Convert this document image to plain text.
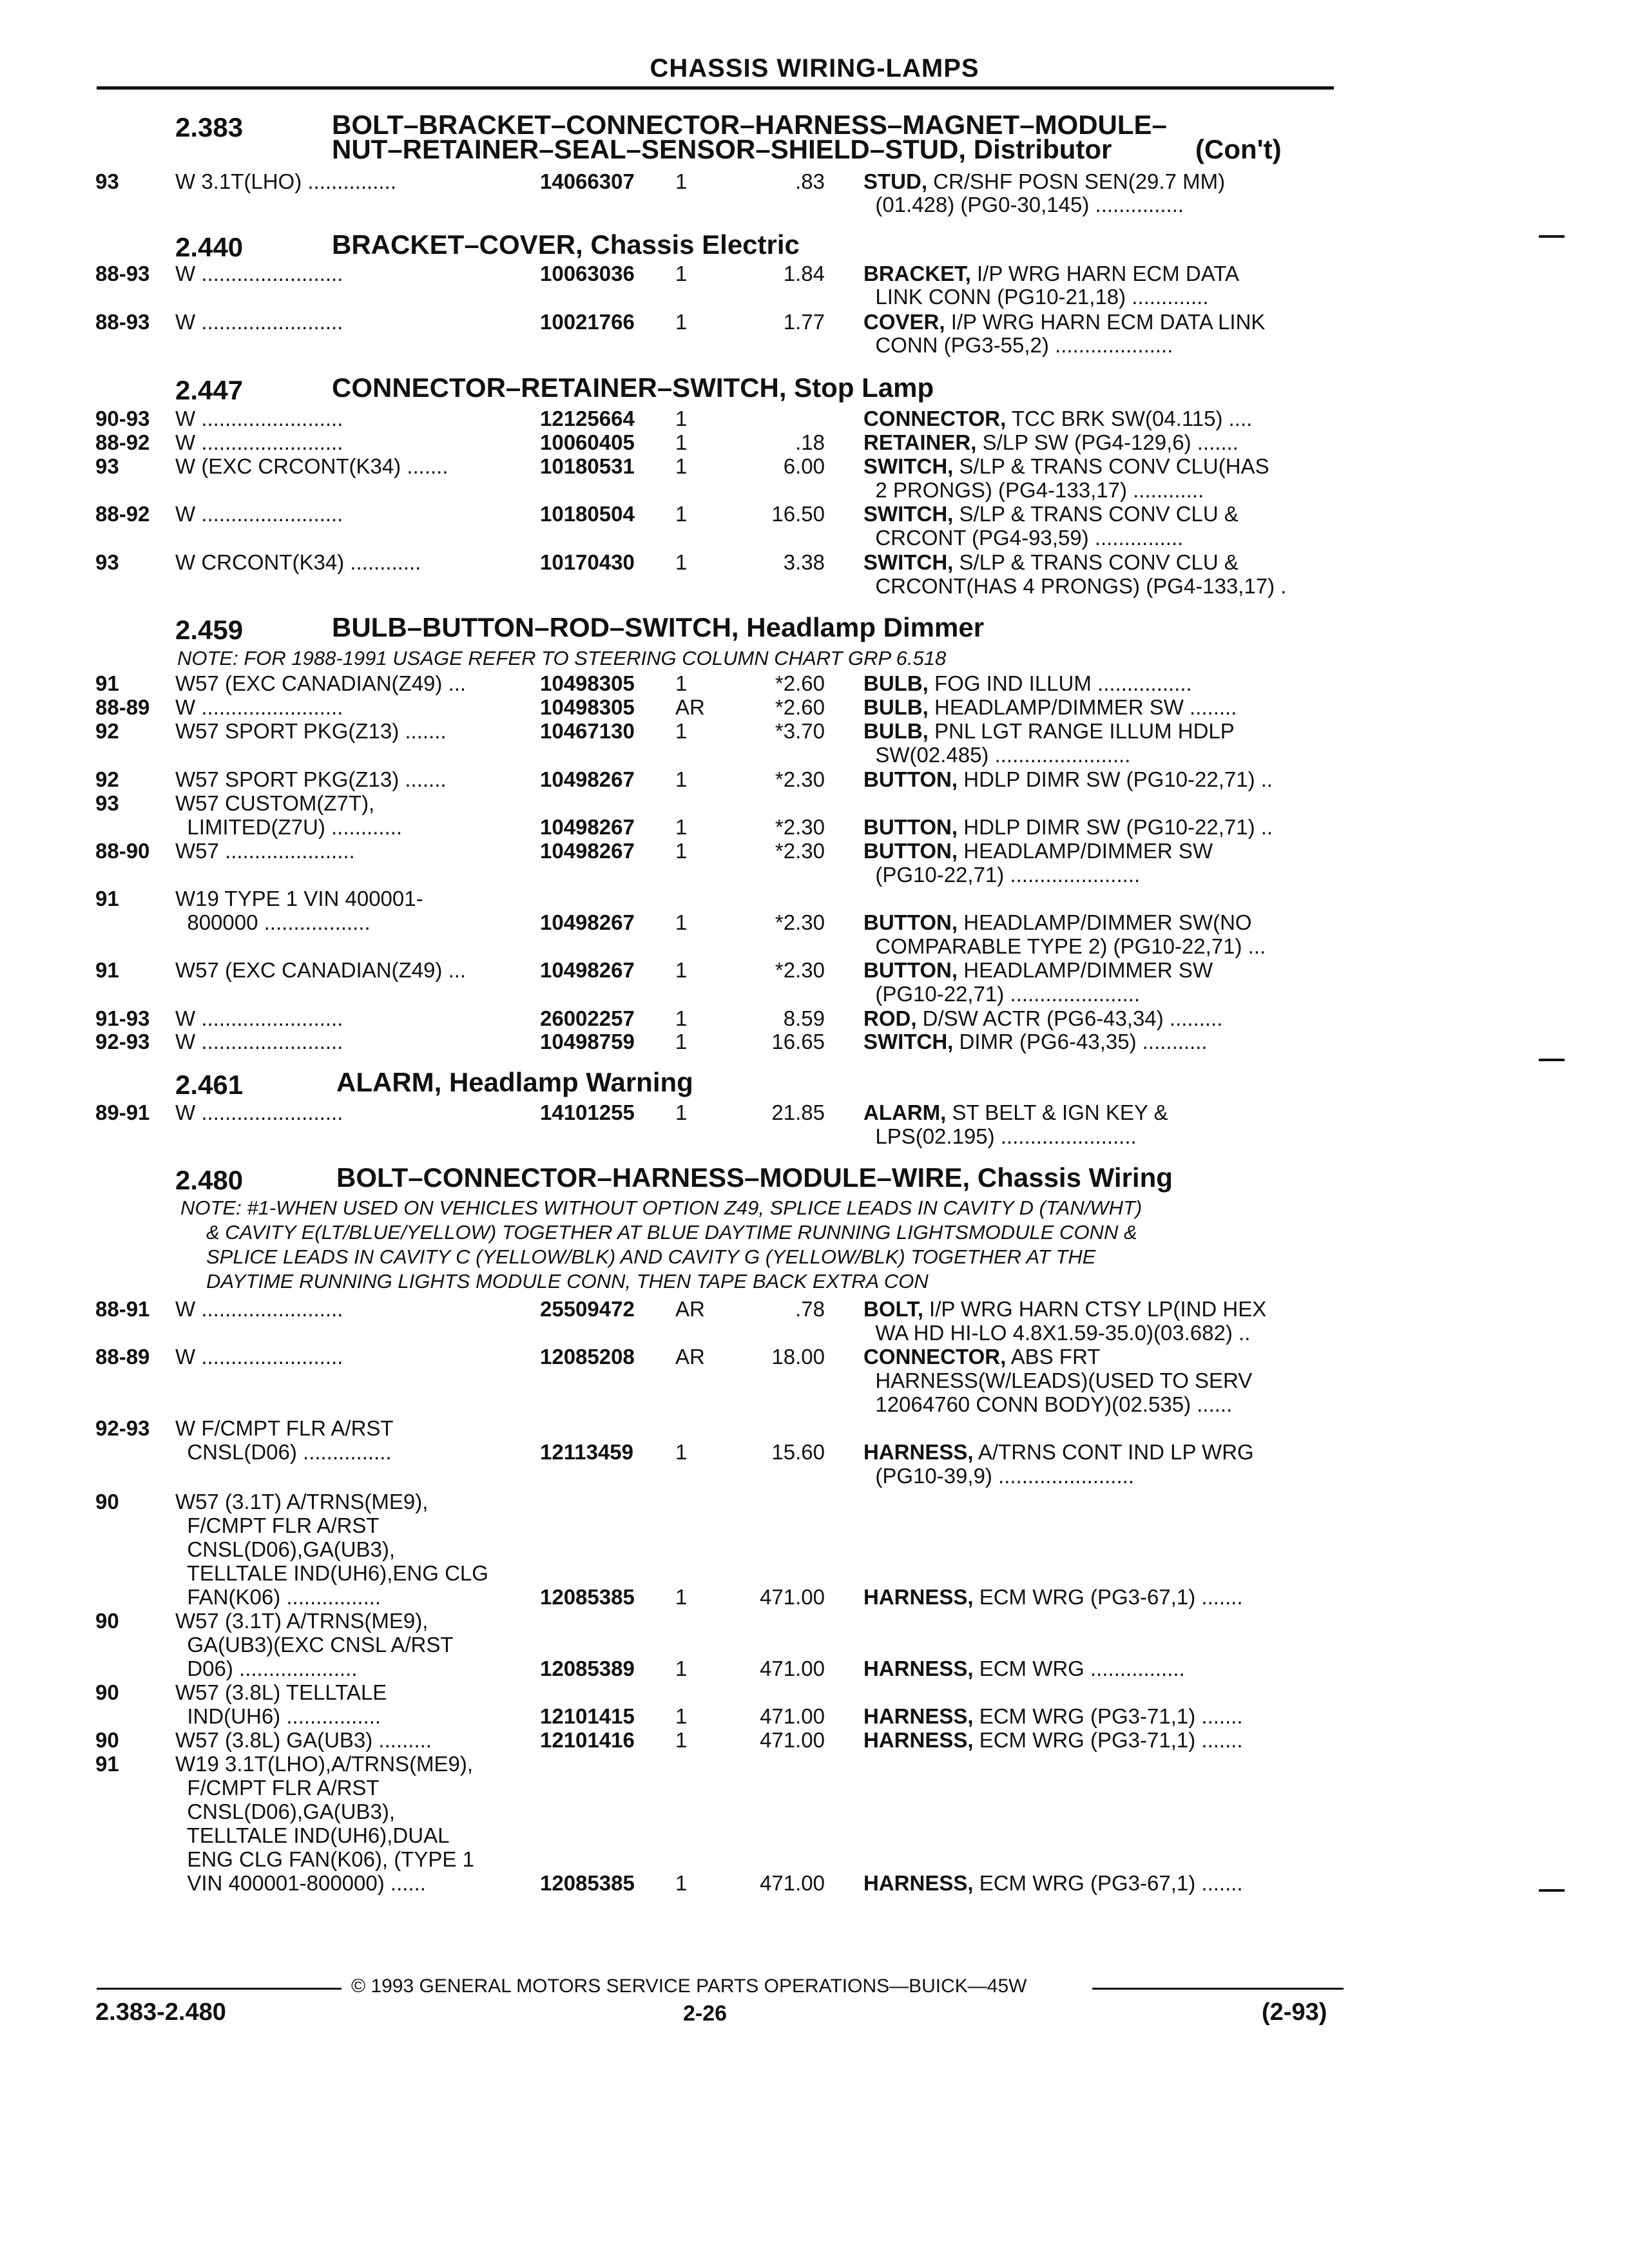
CHASSIS WIRING-LAMPS
2.383	BOLT–BRACKET–CONNECTOR–HARNESS–MAGNET–MODULE–
NUT–RETAINER–SEAL–SENSOR–SHIELD–STUD, Distributor	(Con't)
2.440	BRACKET–COVER, Chassis Electric
2.447	CONNECTOR–RETAINER–SWITCH, Stop Lamp
2.459	BULB–BUTTON–ROD–SWITCH, Headlamp Dimmer
NOTE: FOR 1988-1991 USAGE REFER TO STEERING COLUMN CHART GRP 6.518
2.461	ALARM, Headlamp Warning
2.480	BOLT–CONNECTOR–HARNESS–MODULE–WIRE, Chassis Wiring
NOTE: #1-WHEN USED ON VEHICLES WITHOUT OPTION Z49, SPLICE LEADS IN CAVITY D (TAN/WHT)
& CAVITY E(LT/BLUE/YELLOW) TOGETHER AT BLUE DAYTIME RUNNING LIGHTSMODULE CONN &
SPLICE LEADS IN CAVITY C (YELLOW/BLK) AND CAVITY G (YELLOW/BLK) TOGETHER AT THE
DAYTIME RUNNING LIGHTS MODULE CONN, THEN TAPE BACK EXTRA CON
93	W 3.1T(LHO) ...............	14066307 1	.83 STUD, CR/SHF POSN SEN(29.7 MM)
(01.428) (PG0-30,145) ...............
88-93 W ........................	10063036 1	1.84 BRACKET, I/P WRG HARN ECM DATA
LINK CONN (PG10-21,18) .............
88-93 W ........................	10021766 1	1.77 COVER, I/P WRG HARN ECM DATA LINK
CONN (PG3-55,2) ....................
90-93 W ........................	12125664 1	CONNECTOR, TCC BRK SW(04.115) ....
88-92 W ........................	10060405 1	.18 RETAINER, S/LP SW (PG4-129,6) .......
93	W (EXC CRCONT(K34) .......	10180531 1	6.00 SWITCH, S/LP & TRANS CONV CLU(HAS
2 PRONGS) (PG4-133,17) ............
88-92 W ........................	10180504 1	16.50 SWITCH, S/LP & TRANS CONV CLU &
CRCONT (PG4-93,59) ...............
93	W CRCONT(K34) ............	10170430 1	3.38 SWITCH, S/LP & TRANS CONV CLU &
CRCONT(HAS 4 PRONGS) (PG4-133,17) .
91	W57 (EXC CANADIAN(Z49) ...	10498305 1	*2.60 BULB, FOG IND ILLUM ................
88-89 W ........................	10498305 AR	*2.60 BULB, HEADLAMP/DIMMER SW ........
92	W57 SPORT PKG(Z13) .......	10467130 1	*3.70 BULB, PNL LGT RANGE ILLUM HDLP
SW(02.485) .......................
92	W57 SPORT PKG(Z13) .......	10498267 1	*2.30 BUTTON, HDLP DIMR SW (PG10-22,71) ..
93	W57 CUSTOM(Z7T),
LIMITED(Z7U) ............	10498267 1	*2.30 BUTTON, HDLP DIMR SW (PG10-22,71) ..
88-90 W57 ......................	10498267 1	*2.30 BUTTON, HEADLAMP/DIMMER SW
(PG10-22,71) ......................
91	W19 TYPE 1 VIN 400001-
800000 ..................	10498267 1	*2.30 BUTTON, HEADLAMP/DIMMER SW(NO
COMPARABLE TYPE 2) (PG10-22,71) ...
91	W57 (EXC CANADIAN(Z49) ...	10498267 1	*2.30 BUTTON, HEADLAMP/DIMMER SW
(PG10-22,71) ......................
91-93 W ........................	26002257 1	8.59 ROD, D/SW ACTR (PG6-43,34) .........
92-93 W ........................	10498759 1	16.65 SWITCH, DIMR (PG6-43,35) ...........
89-91 W ........................	14101255 1	21.85 ALARM, ST BELT & IGN KEY &
LPS(02.195) .......................
88-91 W ........................	25509472 AR	.78 BOLT, I/P WRG HARN CTSY LP(IND HEX
WA HD HI-LO 4.8X1.59-35.0)(03.682) ..
88-89 W ........................	12085208 AR	18.00 CONNECTOR, ABS FRT
HARNESS(W/LEADS)(USED TO SERV
12064760 CONN BODY)(02.535) ......
92-93 W F/CMPT FLR A/RST
CNSL(D06) ...............	12113459 1	15.60 HARNESS, A/TRNS CONT IND LP WRG
(PG10-39,9) .......................
90	W57 (3.1T) A/TRNS(ME9),
F/CMPT FLR A/RST
CNSL(D06),GA(UB3),
TELLTALE IND(UH6),ENG CLG
FAN(K06) ................	12085385 1	471.00 HARNESS, ECM WRG (PG3-67,1) .......
90	W57 (3.1T) A/TRNS(ME9),
GA(UB3)(EXC CNSL A/RST
D06) ....................	12085389 1	471.00 HARNESS, ECM WRG ................
90	W57 (3.8L) TELLTALE
IND(UH6) ................	12101415 1	471.00 HARNESS, ECM WRG (PG3-71,1) .......
90	W57 (3.8L) GA(UB3) .........	12101416 1	471.00 HARNESS, ECM WRG (PG3-71,1) .......
91	W19 3.1T(LHO),A/TRNS(ME9),
F/CMPT FLR A/RST
CNSL(D06),GA(UB3),
TELLTALE IND(UH6),DUAL
ENG CLG FAN(K06), (TYPE 1
VIN 400001-800000) ......	12085385 1	471.00 HARNESS, ECM WRG (PG3-67,1) .......
© 1993 GENERAL MOTORS SERVICE PARTS OPERATIONS—BUICK—45W
2.383-2.480	2-26	(2-93)
